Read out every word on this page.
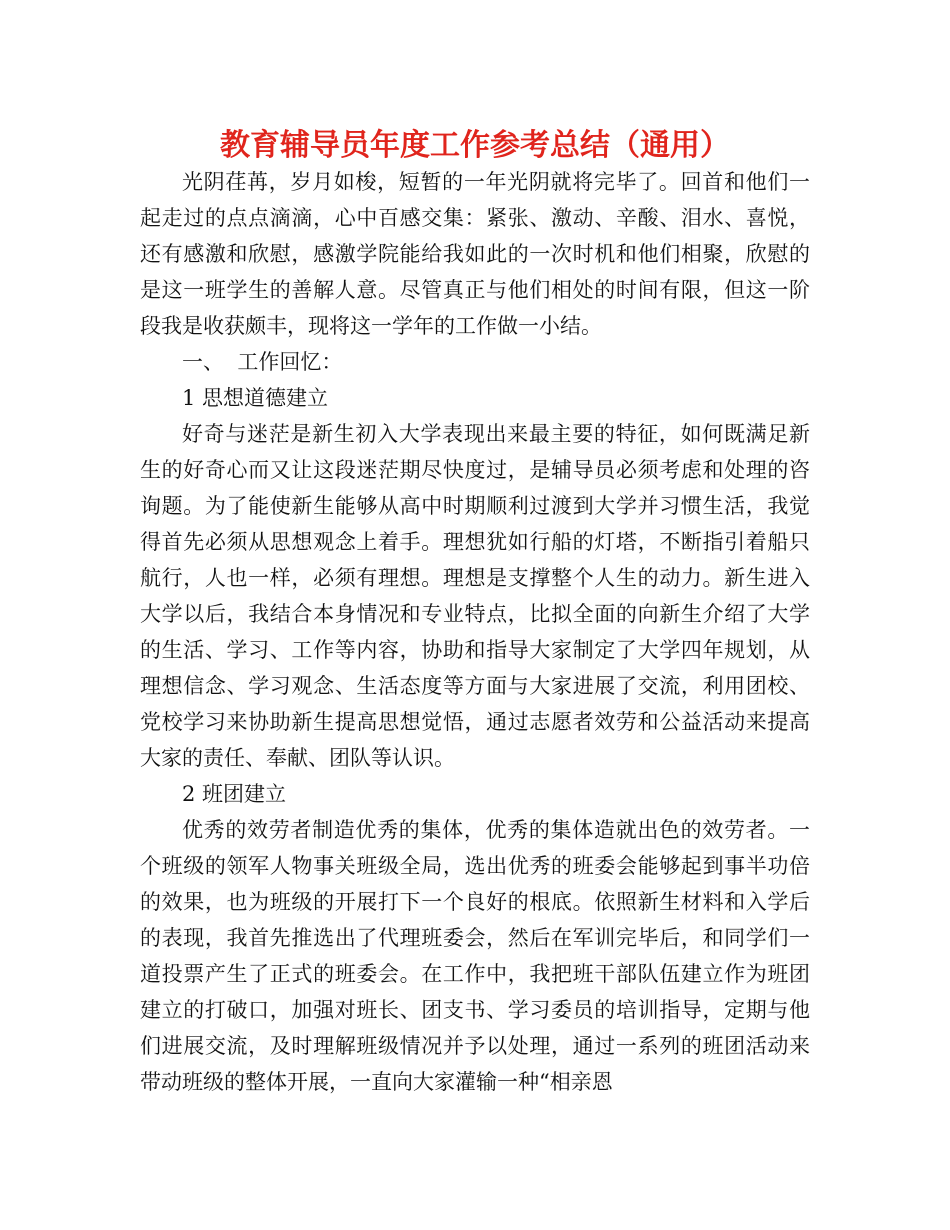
教育辅导员年度工作参考总结（通用）

光阴荏苒，岁月如梭，短暂的一年光阴就将完毕了。回首和他们一起走过的点点滴滴，心中百感交集：紧张、激动、辛酸、泪水、喜悦，还有感激和欣慰，感激学院能给我如此的一次时机和他们相聚，欣慰的是这一班学生的善解人意。尽管真正与他们相处的时间有限，但这一阶段我是收获颇丰，现将这一学年的工作做一小结。

一、  工作回忆：

1 思想道德建立

好奇与迷茫是新生初入大学表现出来最主要的特征，如何既满足新生的好奇心而又让这段迷茫期尽快度过，是辅导员必须考虑和处理的咨询题。为了能使新生能够从高中时期顺利过渡到大学并习惯生活，我觉得首先必须从思想观念上着手。理想犹如行船的灯塔，不断指引着船只航行，人也一样，必须有理想。理想是支撑整个人生的动力。新生进入大学以后，我结合本身情况和专业特点，比拟全面的向新生介绍了大学的生活、学习、工作等内容，协助和指导大家制定了大学四年规划，从理想信念、学习观念、生活态度等方面与大家进展了交流，利用团校、党校学习来协助新生提高思想觉悟，通过志愿者效劳和公益活动来提高大家的责任、奉献、团队等认识。

2 班团建立

优秀的效劳者制造优秀的集体，优秀的集体造就出色的效劳者。一个班级的领军人物事关班级全局，选出优秀的班委会能够起到事半功倍的效果，也为班级的开展打下一个良好的根底。依照新生材料和入学后的表现，我首先推选出了代理班委会，然后在军训完毕后，和同学们一道投票产生了正式的班委会。在工作中，我把班干部队伍建立作为班团建立的打破口，加强对班长、团支书、学习委员的培训指导，定期与他们进展交流，及时理解班级情况并予以处理，通过一系列的班团活动来带动班级的整体开展，一直向大家灌输一种“相亲恩
